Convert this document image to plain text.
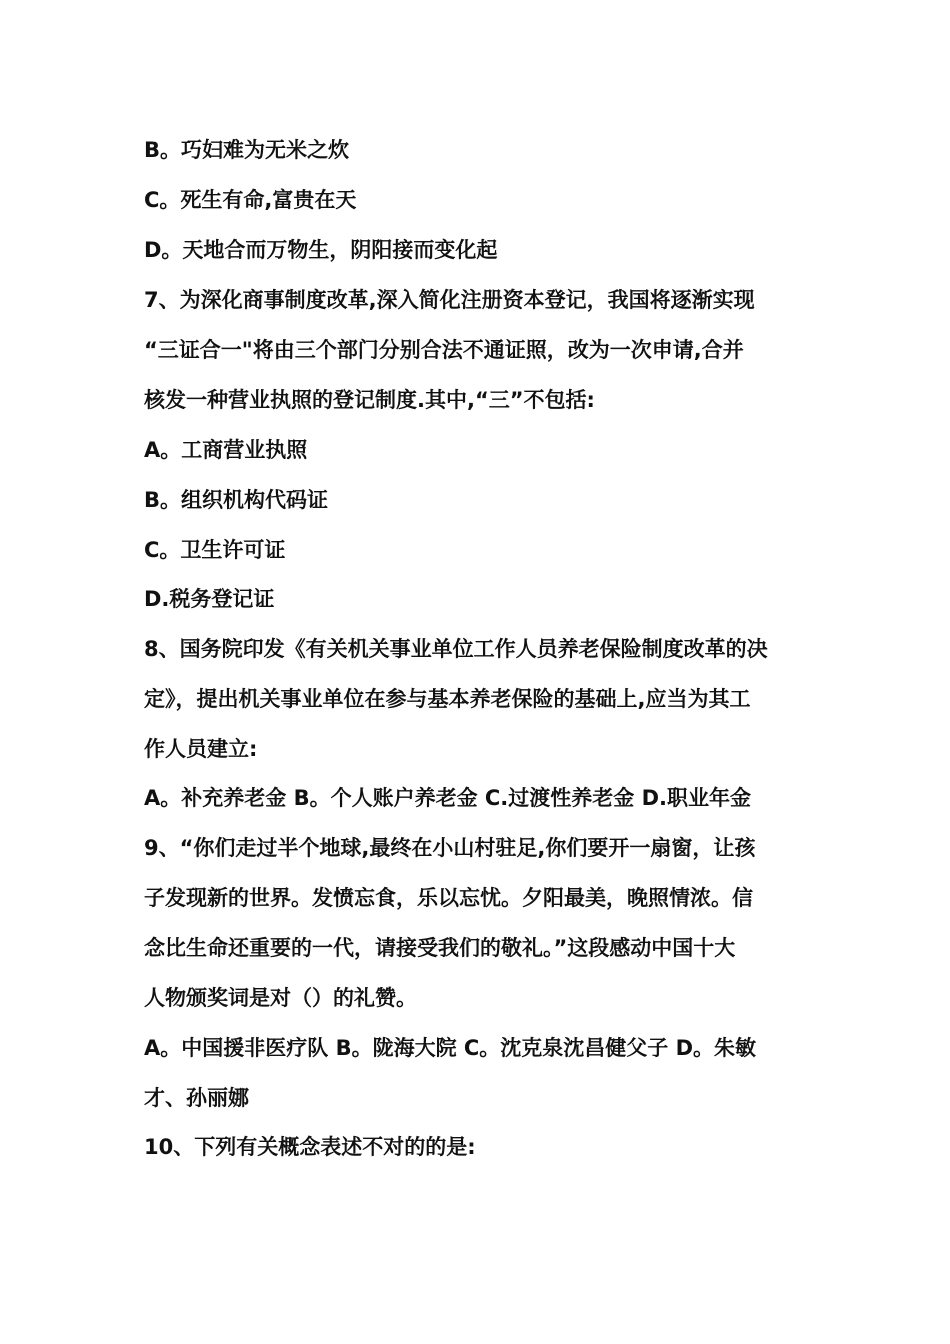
B。巧妇难为无米之炊
C。死生有命,富贵在天
D。天地合而万物生，阴阳接而变化起
7、为深化商事制度改革,深入简化注册资本登记，我国将逐渐实现
“三证合一"将由三个部门分别合法不通证照，改为一次申请,合并
核发一种营业执照的登记制度.其中,“三”不包括:
A。工商营业执照
B。组织机构代码证
C。卫生许可证
D.税务登记证
8、国务院印发《有关机关事业单位工作人员养老保险制度改革的决
定》，提出机关事业单位在参与基本养老保险的基础上,应当为其工
作人员建立:
A。补充养老金 B。个人账户养老金 C.过渡性养老金 D.职业年金
9、“你们走过半个地球,最终在小山村驻足,你们要开一扇窗，让孩
子发现新的世界。发愤忘食，乐以忘忧。夕阳最美，晚照情浓。信
念比生命还重要的一代，请接受我们的敬礼。”这段感动中国十大
人物颁奖词是对（）的礼赞。
A。中国援非医疗队 B。陇海大院 C。沈克泉沈昌健父子 D。朱敏
才、孙丽娜
10、下列有关概念表述不对的的是:
